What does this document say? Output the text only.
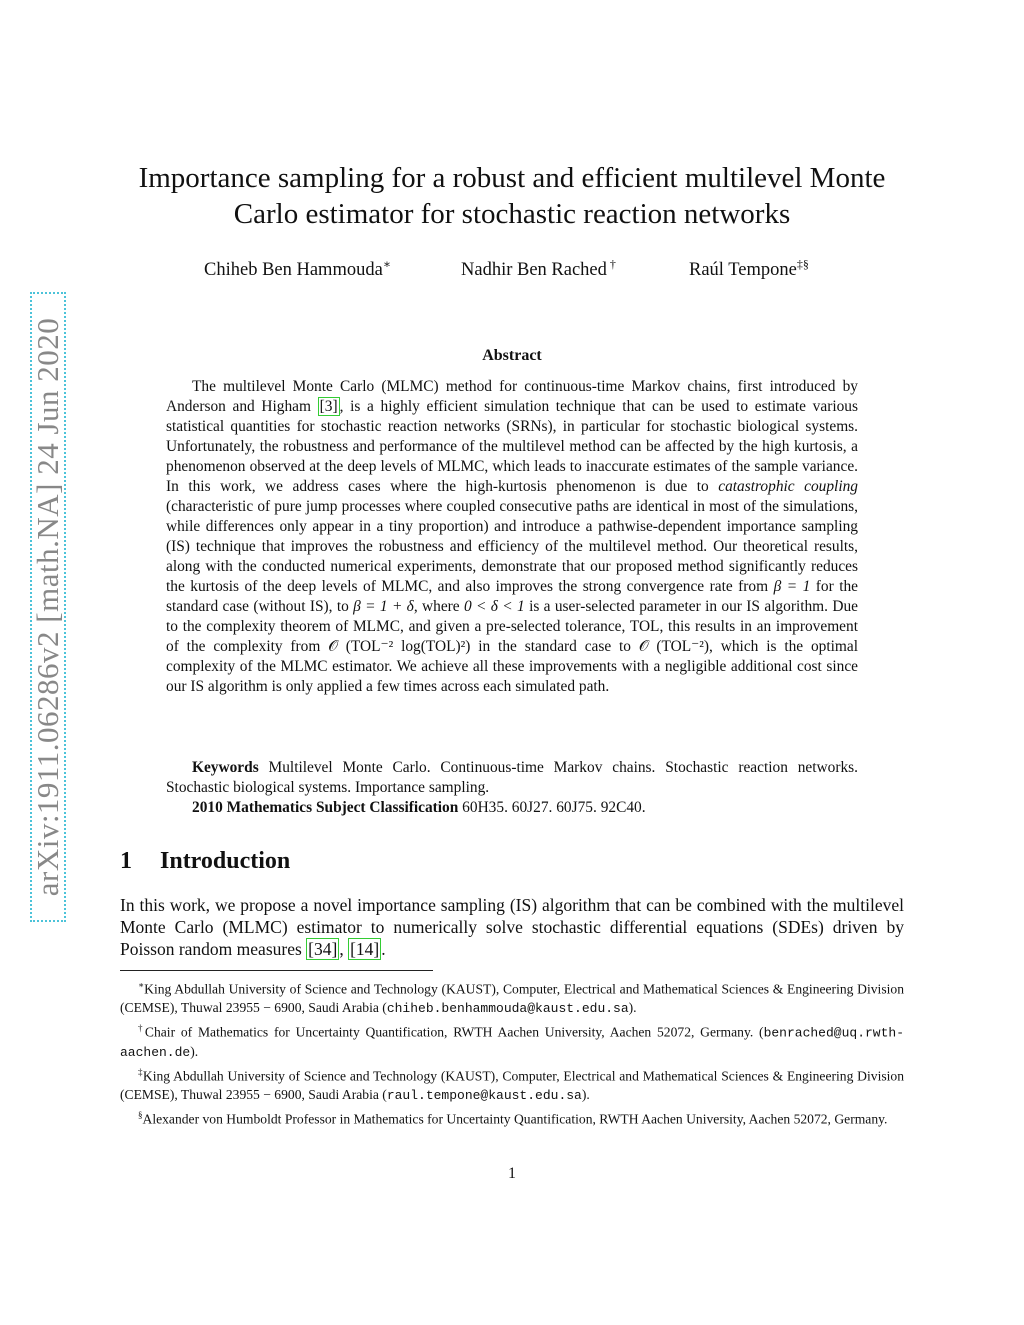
arXiv:1911.06286v2 [math.NA] 24 Jun 2020
Importance sampling for a robust and efficient multilevel Monte
Carlo estimator for stochastic reaction networks
Chiheb Ben Hammouda∗	Nadhir Ben Rached †	Raúl Tempone‡§
Abstract

The multilevel Monte Carlo (MLMC) method for continuous-time Markov chains, first introduced by Anderson and Higham [3] , is a highly efficient simulation technique that can be used to estimate various statistical quantities for stochastic reaction networks (SRNs), in particular for stochastic biological systems. Unfortunately, the robustness and performance of the multilevel method can be affected by the high kurtosis, a phenomenon observed at the deep levels of MLMC, which leads to inaccurate estimates of the sample variance. In this work, we address cases where the high-kurtosis phenomenon is due to catastrophic coupling (characteristic of pure jump processes where coupled consecutive paths are identical in most of the simulations, while differences only appear in a tiny proportion) and introduce a pathwise-dependent importance sampling (IS) technique that improves the robustness and efficiency of the multilevel method. Our theoretical results, along with the conducted numerical experiments, demonstrate that our proposed method significantly reduces the kurtosis of the deep levels of MLMC, and also improves the strong convergence rate from β = 1 for the standard case (without IS), to β = 1 + δ, where 0 < δ < 1 is a user-selected parameter in our IS algorithm. Due to the complexity theorem of MLMC, and given a pre-selected tolerance, TOL, this results in an improvement of the complexity from 𝒪 (TOL⁻² log(TOL)²) in the standard case to 𝒪 (TOL⁻²), which is the optimal complexity of the MLMC estimator. We achieve all these improvements with a negligible additional cost since our IS algorithm is only applied a few times across each simulated path.

Keywords Multilevel Monte Carlo. Continuous-time Markov chains. Stochastic reaction networks. Stochastic biological systems. Importance sampling.

2010 Mathematics Subject Classification 60H35. 60J27. 60J75. 92C40.

1 Introduction

In this work, we propose a novel importance sampling (IS) algorithm that can be combined with the multilevel Monte Carlo (MLMC) estimator to numerically solve stochastic differential equations (SDEs) driven by Poisson random measures [34] , [14] .

∗King Abdullah University of Science and Technology (KAUST), Computer, Electrical and Mathematical Sciences & Engineering Division (CEMSE), Thuwal 23955 − 6900, Saudi Arabia (chiheb.benhammouda@kaust.edu.sa).

†Chair of Mathematics for Uncertainty Quantification, RWTH Aachen University, Aachen 52072, Germany. (benrached@uq.rwth-aachen.de).

‡King Abdullah University of Science and Technology (KAUST), Computer, Electrical and Mathematical Sciences & Engineering Division (CEMSE), Thuwal 23955 − 6900, Saudi Arabia (raul.tempone@kaust.edu.sa).

§Alexander von Humboldt Professor in Mathematics for Uncertainty Quantification, RWTH Aachen University, Aachen 52072, Germany.

1
